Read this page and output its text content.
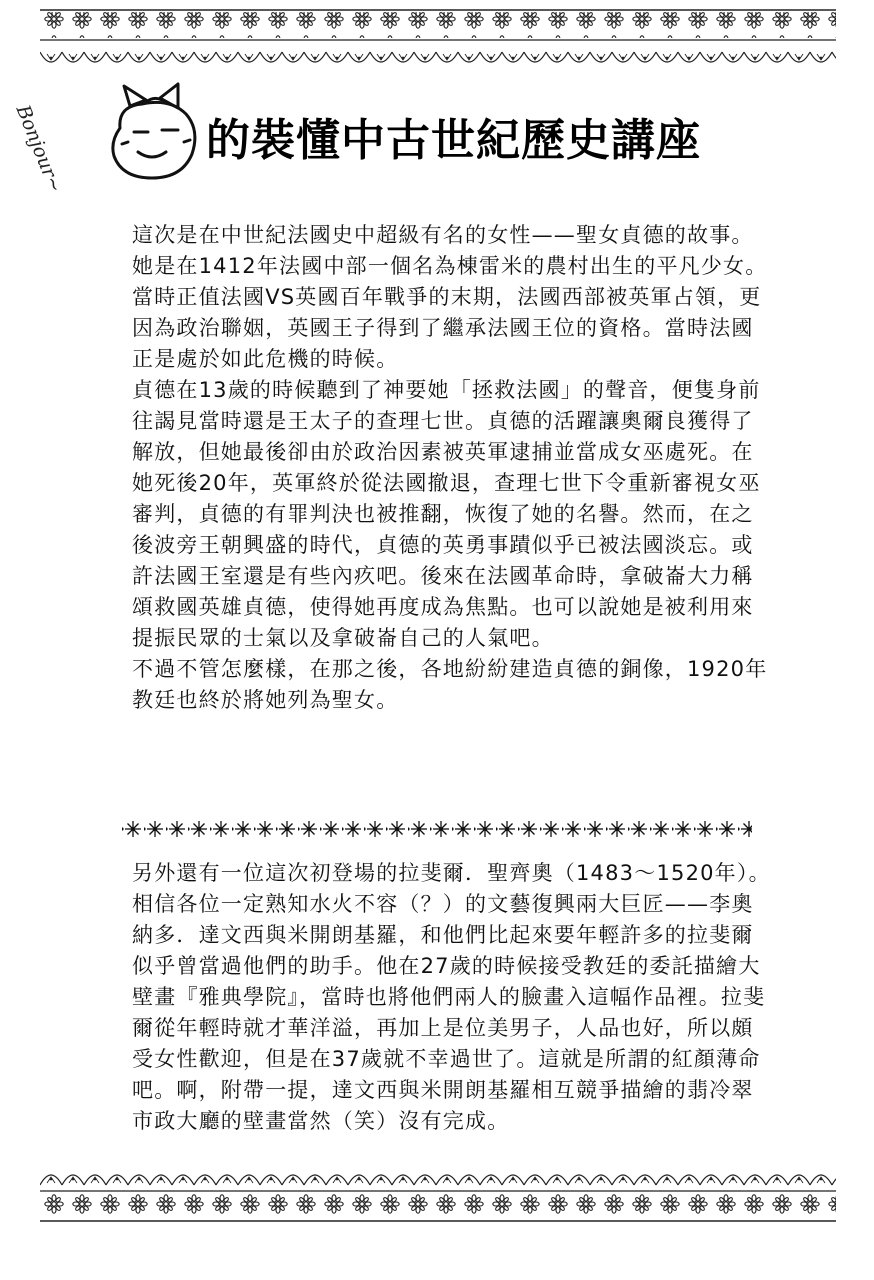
Bonjour~	的裝懂中古世紀歷史講座

這次是在中世紀法國史中超級有名的女性——聖女貞德的故事。

她是在1412年法國中部一個名為棟雷米的農村出生的平凡少女。當時正值法國VS英國百年戰爭的末期，法國西部被英軍占領，更因為政治聯姻，英國王子得到了繼承法國王位的資格。當時法國正是處於如此危機的時候。

貞德在13歲的時候聽到了神要她「拯救法國」的聲音，便隻身前往謁見當時還是王太子的查理七世。貞德的活躍讓奧爾良獲得了解放，但她最後卻由於政治因素被英軍逮捕並當成女巫處死。在她死後20年，英軍終於從法國撤退，查理七世下令重新審視女巫審判，貞德的有罪判決也被推翻，恢復了她的名譽。然而，在之後波旁王朝興盛的時代，貞德的英勇事蹟似乎已被法國淡忘。或許法國王室還是有些內疚吧。後來在法國革命時，拿破崙大力稱頌救國英雄貞德，使得她再度成為焦點。也可以說她是被利用來提振民眾的士氣以及拿破崙自己的人氣吧。

不過不管怎麼樣，在那之後，各地紛紛建造貞德的銅像，1920年教廷也終於將她列為聖女。

另外還有一位這次初登場的拉斐爾．聖齊奧（1483～1520年）。相信各位一定熟知水火不容（？）的文藝復興兩大巨匠——李奧納多．達文西與米開朗基羅，和他們比起來要年輕許多的拉斐爾似乎曾當過他們的助手。他在27歲的時候接受教廷的委託描繪大壁畫『雅典學院』，當時也將他們兩人的臉畫入這幅作品裡。拉斐爾從年輕時就才華洋溢，再加上是位美男子，人品也好，所以頗受女性歡迎，但是在37歲就不幸過世了。這就是所謂的紅顏薄命吧。啊，附帶一提，達文西與米開朗基羅相互競爭描繪的翡冷翠市政大廳的壁畫當然（笑）沒有完成。
